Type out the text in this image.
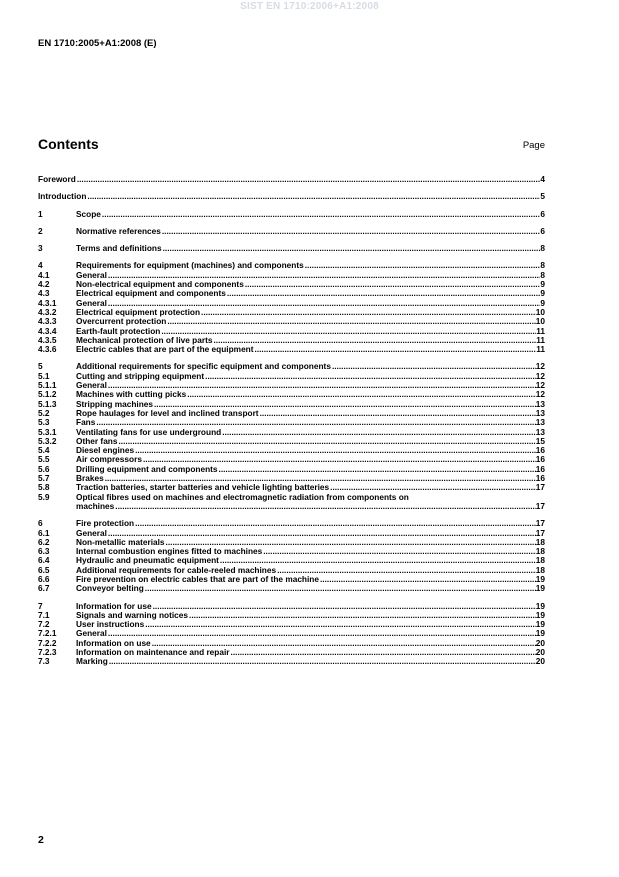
SIST EN 1710:2006+A1:2008
EN 1710:2005+A1:2008 (E)
Contents	Page
Foreword .....	4
Introduction .....	5
1	Scope .....	6
2	Normative references .....	6
3	Terms and definitions .....	8
4	Requirements for equipment (machines) and components .....	8
4.1	General .....	8
4.2	Non-electrical equipment and components .....	9
4.3	Electrical equipment and components .....	9
4.3.1	General .....	9
4.3.2	Electrical equipment protection .....	10
4.3.3	Overcurrent protection .....	10
4.3.4	Earth-fault protection .....	11
4.3.5	Mechanical protection of live parts .....	11
4.3.6	Electric cables that are part of the equipment .....	11
5	Additional requirements for specific equipment and components .....	12
5.1	Cutting and stripping equipment .....	12
5.1.1	General .....	12
5.1.2	Machines with cutting picks .....	12
5.1.3	Stripping machines .....	13
5.2	Rope haulages for level and inclined transport .....	13
5.3	Fans .....	13
5.3.1	Ventilating fans for use underground .....	13
5.3.2	Other fans .....	15
5.4	Diesel engines .....	16
5.5	Air compressors .....	16
5.6	Drilling equipment and components .....	16
5.7	Brakes .....	16
5.8	Traction batteries, starter batteries and vehicle lighting batteries .....	17
5.9	Optical fibres used on machines and electromagnetic radiation from components on
machines .....	17
6	Fire protection .....	17
6.1	General .....	17
6.2	Non-metallic materials .....	18
6.3	Internal combustion engines fitted to machines .....	18
6.4	Hydraulic and pneumatic equipment .....	18
6.5	Additional requirements for cable-reeled machines .....	18
6.6	Fire prevention on electric cables that are part of the machine .....	19
6.7	Conveyor belting .....	19
7	Information for use .....	19
7.1	Signals and warning notices .....	19
7.2	User instructions .....	19
7.2.1	General .....	19
7.2.2	Information on use .....	20
7.2.3	Information on maintenance and repair .....	20
7.3	Marking .....	20
2
